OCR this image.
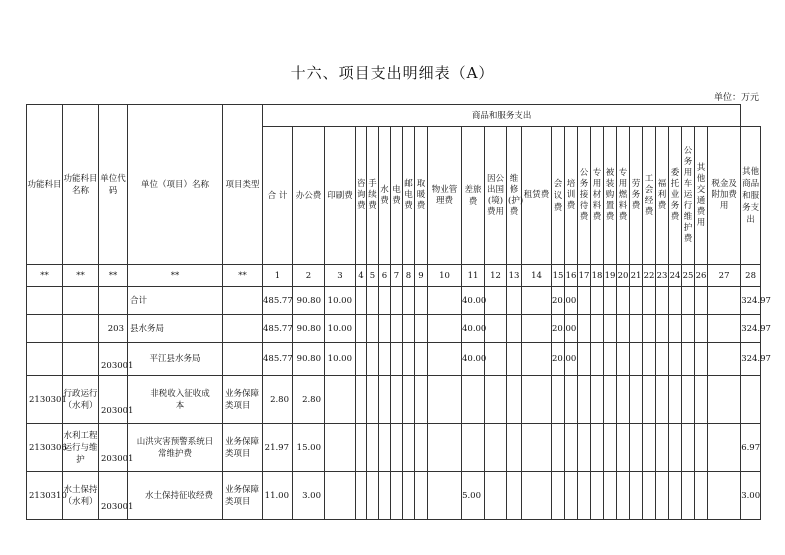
十六、项目支出明细表（A）
单位：万元
功能科目	功能科目名称	单位代码	单位（项目）名称	项目类型	商品和服务支出																											
					合 计	办公费	印刷费	咨询费	手续费	水费	电费	邮电费	取暖费	物业管理费	差旅费	因公出国(境)费用	维修(护)费	租赁费	会议费	培训费	公务接待费	专用材料费	被装购置费	专用燃料费	劳务费	工会经费	福利费	委托业务费	公务用车运行维护费	其他交通费用	税金及附加费用	其他商品和服务支出
**	**	**	**	**	1	2	3	4	5	6	7	8	9	10	11	12	13	14	15	16	17	18	19	20	21	22	23	24	25	26	27	28
			合计		485.77	90.80	10.00								40.00				20.00													324.97
		203	县水务局		485.77	90.80	10.00								40.00				20.00													324.97
		203001	平江县水务局		485.77	90.80	10.00								40.00				20.00													324.97
2130301	行政运行（水利）	203001	非税收入征收成本	业务保障类项目	2.80	2.80																										
2130306	水利工程运行与维护	203001	山洪灾害预警系统日常维护费	业务保障类项目	21.97	15.00																										6.97
2130310	水土保持（水利）	203001	水土保持征收经费	业务保障类项目	11.00	3.00									5.00																	3.00
